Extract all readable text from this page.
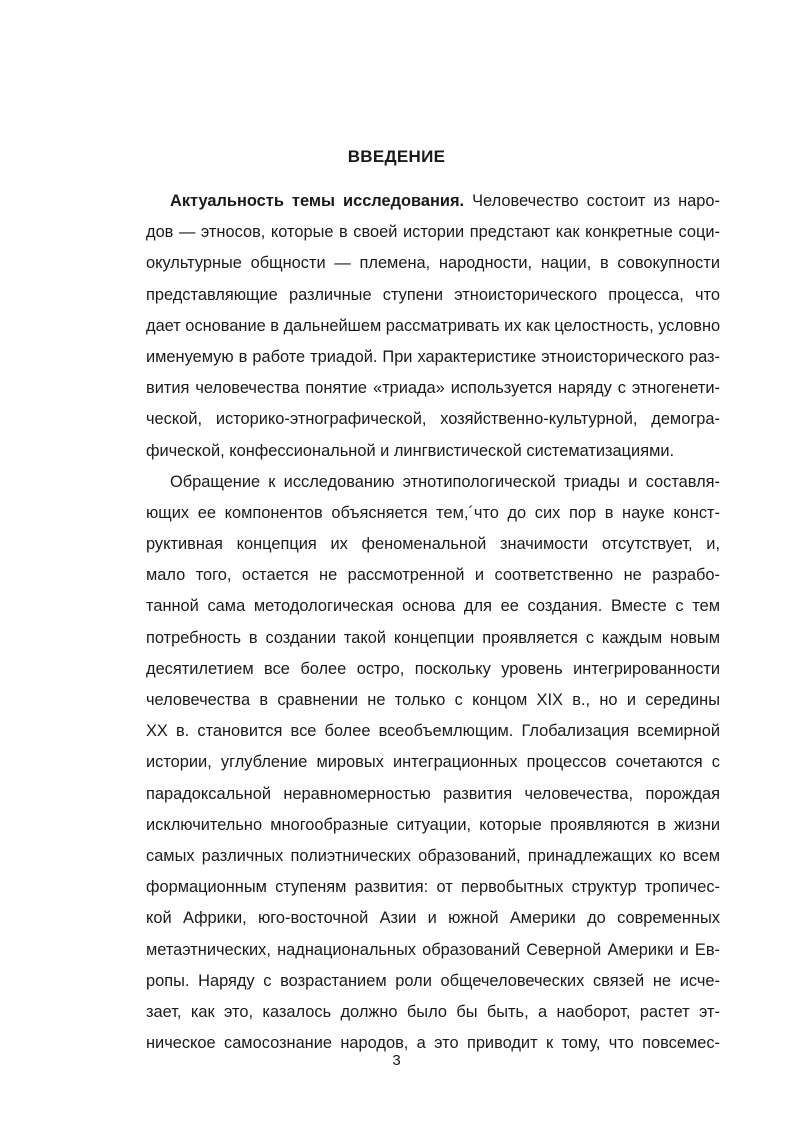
ВВЕДЕНИЕ
Актуальность темы исследования. Человечество состоит из наро-
дов — этносов, которые в своей истории предстают как конкретные соци-
окультурные общности — племена, народности, нации, в совокупности
представляющие различные ступени этноисторического процесса, что
дает основание в дальнейшем рассматривать их как целостность, условно
именуемую в работе триадой. При характеристике этноисторического раз-
вития человечества понятие «триада» используется наряду с этногенети-
ческой, историко-этнографической, хозяйственно-культурной, демогра-
фической, конфессиональной и лингвистической систематизациями.
Обращение к исследованию этнотипологической триады и составля-
ющих ее компонентов объясняется тем,´что до сих пор в науке конст-
руктивная концепция их феноменальной значимости отсутствует, и,
мало того, остается не рассмотренной и соответственно не разрабо-
танной сама методологическая основа для ее создания. Вместе с тем
потребность в создании такой концепции проявляется с каждым новым
десятилетием все более остро, поскольку уровень интегрированности
человечества в сравнении не только с концом XIX в., но и середины
XX в. становится все более всеобъемлющим. Глобализация всемирной
истории, углубление мировых интеграционных процессов сочетаются с
парадоксальной неравномерностью развития человечества, порождая
исключительно многообразные ситуации, которые проявляются в жизни
самых различных полиэтнических образований, принадлежащих ко всем
формационным ступеням развития: от первобытных структур тропичес-
кой Африки, юго-восточной Азии и южной Америки до современных
метаэтнических, наднациональных образований Северной Америки и Ев-
ропы. Наряду с возрастанием роли общечеловеческих связей не исче-
зает, как это, казалось должно было бы быть, а наоборот, растет эт-
ническое самосознание народов, а это приводит к тому, что повсемес-
3
